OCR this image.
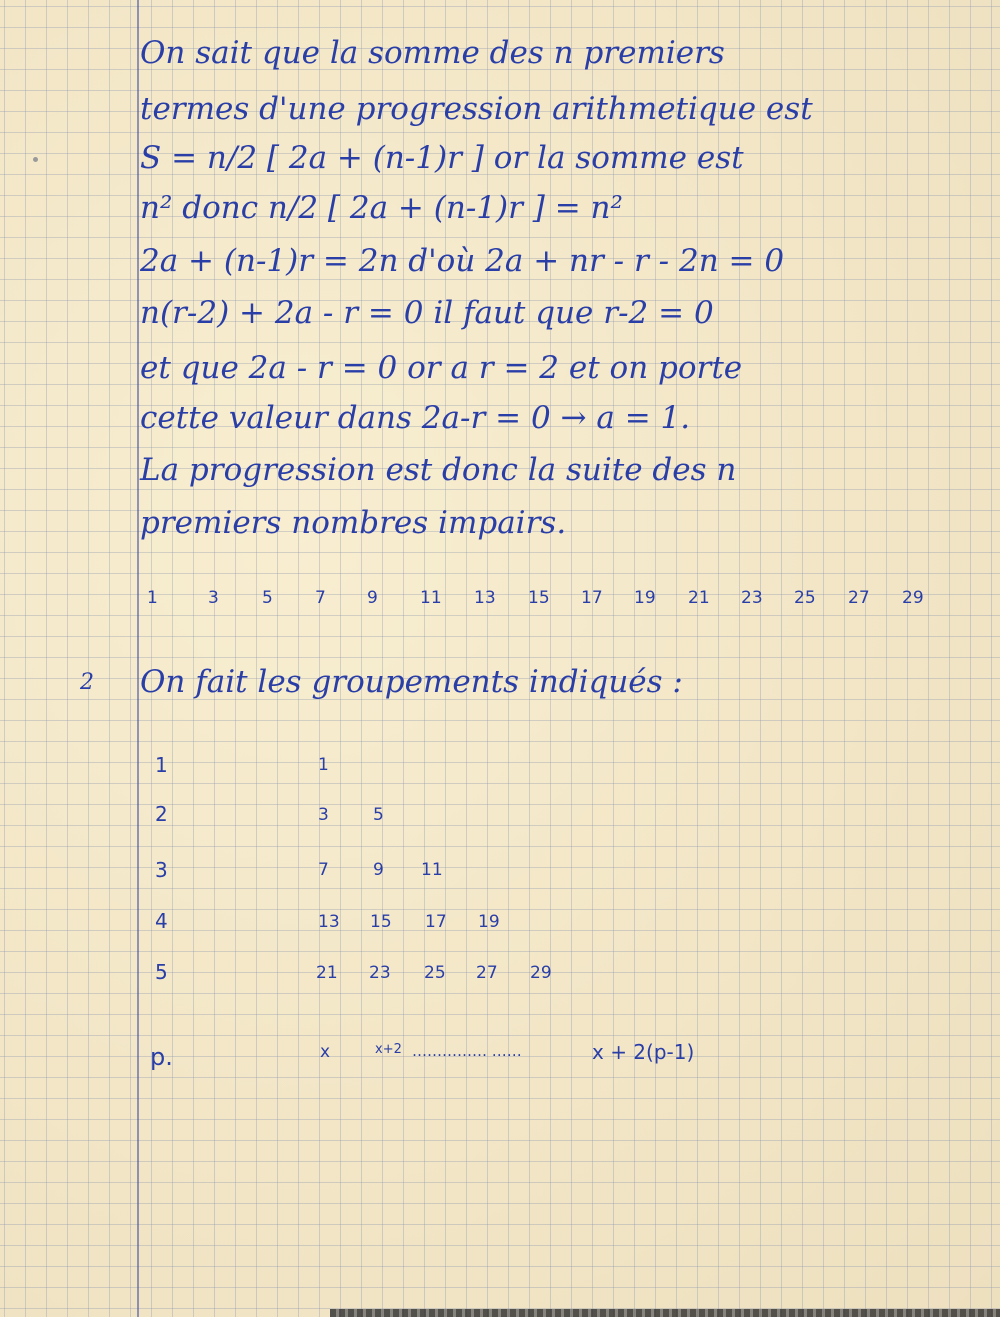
On sait que la somme des n premiers
termes d'une progression arithmetique est
S = n/2 [ 2a + (n-1)r ] or la somme est
n² donc n/2 [ 2a + (n-1)r ] = n²
2a + (n-1)r = 2n d'où 2a + nr - r - 2n = 0
n(r-2) + 2a - r = 0 il faut que r-2 = 0
et que 2a - r = 0 or a r = 2 et on porte
cette valeur dans 2a-r = 0 → a = 1.
La progression est donc la suite des n
premiers nombres impairs.
1	3	5 7 9 11 13 15 17 19 21 23 25 27 29
2 On fait les groupements indiqués :
1	1
2	3	5
3	7	9 11
4	13 15 17 19
5	21 23 25 27 29
p.	x	x+2 …………… ……	x + 2(p-1)
